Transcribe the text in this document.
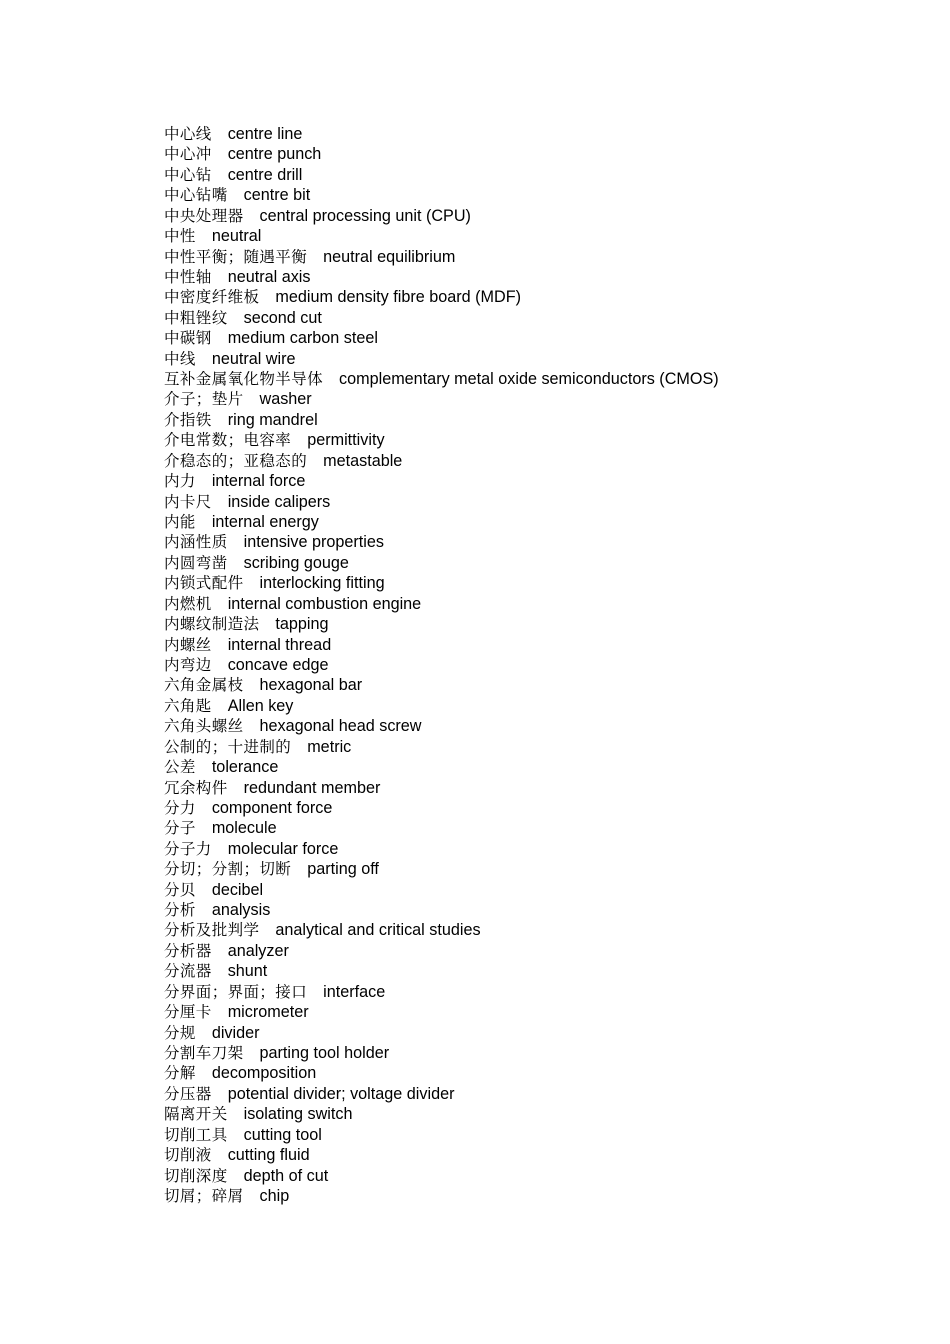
中心线 centre line
中心冲 centre punch
中心钻 centre drill
中心钻嘴 centre bit
中央处理器 central processing unit (CPU)
中性 neutral
中性平衡；随遇平衡 neutral equilibrium
中性轴 neutral axis
中密度纤维板 medium density fibre board (MDF)
中粗锉纹 second cut
中碳钢 medium carbon steel
中线 neutral wire
互补金属氧化物半导体 complementary metal oxide semiconductors (CMOS)
介子；垫片 washer
介指铁 ring mandrel
介电常数；电容率 permittivity
介稳态的；亚稳态的 metastable
内力 internal force
内卡尺 inside calipers
内能 internal energy
内涵性质 intensive properties
内圆弯凿 scribing gouge
内锁式配件 interlocking fitting
内燃机 internal combustion engine
内螺纹制造法 tapping
内螺丝 internal thread
内弯边 concave edge
六角金属枝 hexagonal bar
六角匙 Allen key
六角头螺丝 hexagonal head screw
公制的；十进制的 metric
公差 tolerance
冗余构件 redundant member
分力 component force
分子 molecule
分子力 molecular force
分切；分割；切断 parting off
分贝 decibel
分析 analysis
分析及批判学 analytical and critical studies
分析器 analyzer
分流器 shunt
分界面；界面；接口 interface
分厘卡 micrometer
分规 divider
分割车刀架 parting tool holder
分解 decomposition
分压器 potential divider; voltage divider
隔离开关 isolating switch
切削工具 cutting tool
切削液 cutting fluid
切削深度 depth of cut
切屑；碎屑 chip
